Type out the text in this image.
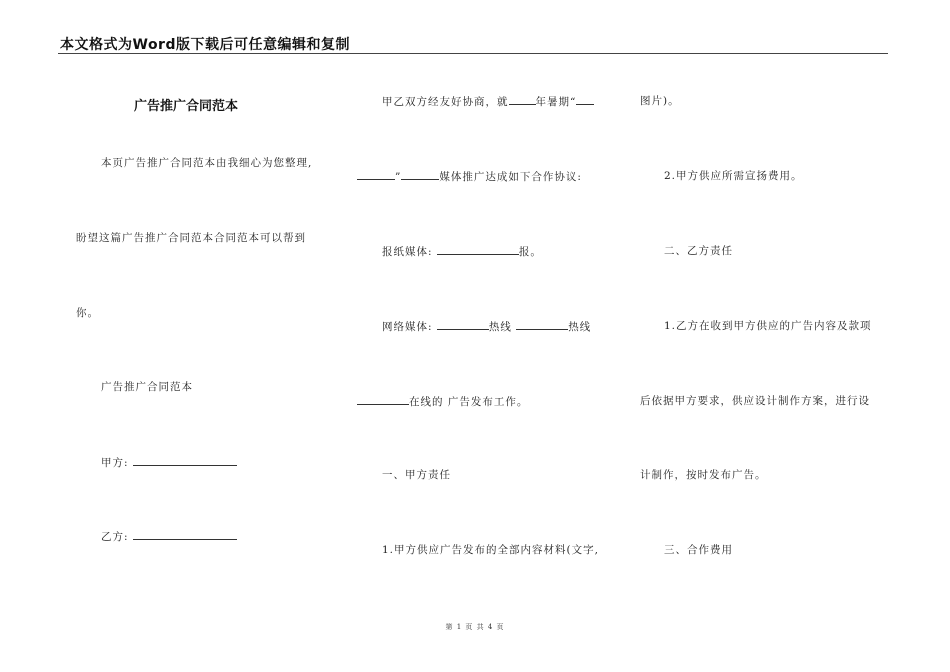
本文格式为Word版下载后可任意编辑和复制
广告推广合同范本
本页广告推广合同范本由我细心为您整理,
盼望这篇广告推广合同范本合同范本可以帮到
你。
广告推广合同范本
甲方:
乙方:
甲乙双方经友好协商，就	年暑期“
”	媒体推广达成如下合作协议:
报纸媒体:	报。
网络媒体:	热线	热线
在线的 广告发布工作。
一、甲方责任
1.甲方供应广告发布的全部内容材料(文字,
图片)。
2.甲方供应所需宣扬费用。
二、乙方责任
1.乙方在收到甲方供应的广告内容及款项
后依据甲方要求，供应设计制作方案，进行设
计制作，按时发布广告。
三、合作费用
第 1 页 共 4 页
